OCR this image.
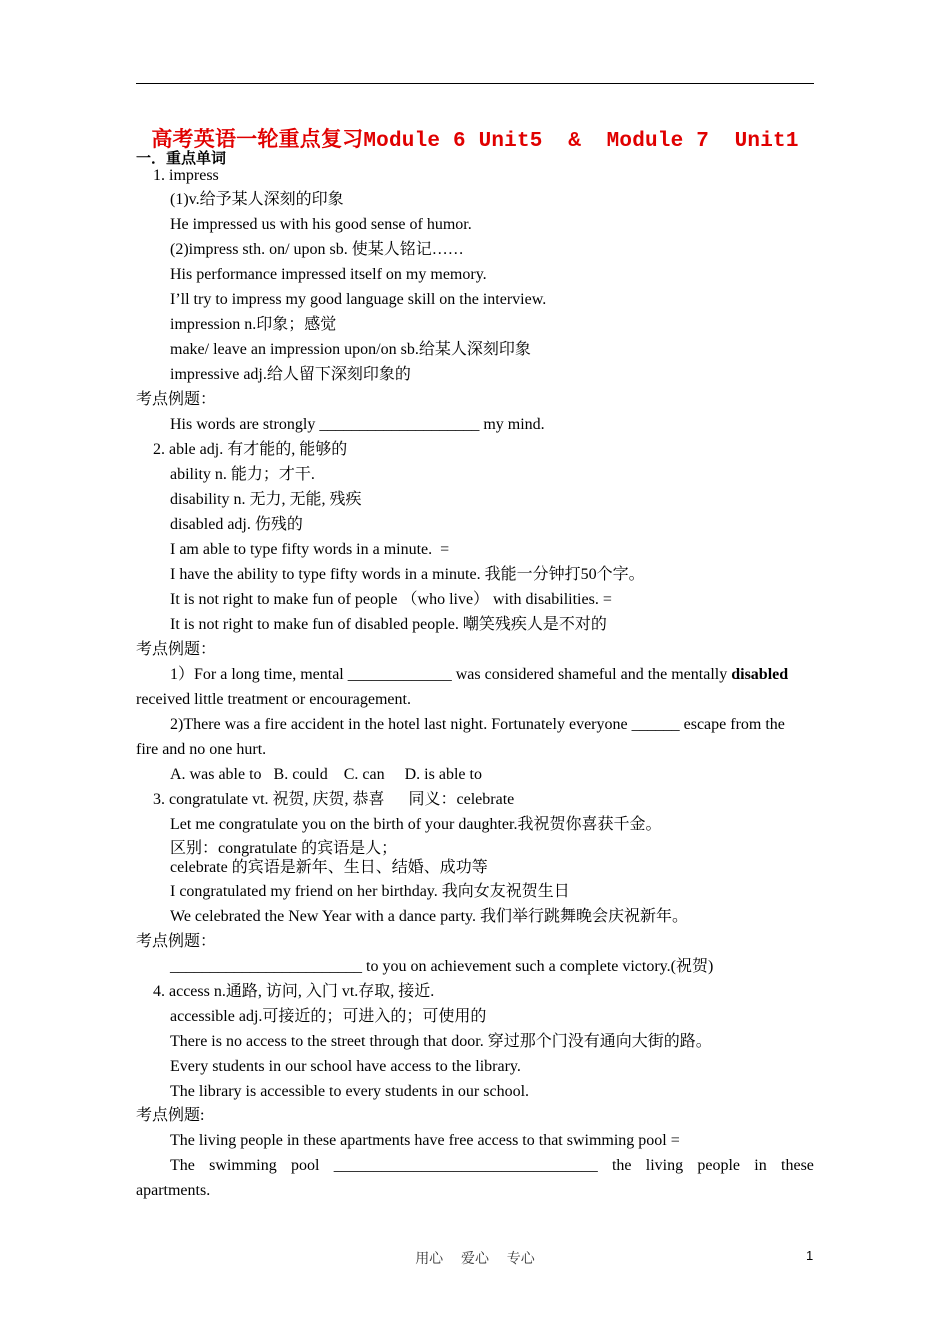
高考英语一轮重点复习Module 6 Unit5  &  Module 7  Unit1
一．重点单词
1. impress
(1)v.给予某人深刻的印象
He impressed us with his good sense of humor.
(2)impress sth. on/ upon sb. 使某人铭记……
His performance impressed itself on my memory.
I’ll try to impress my good language skill on the interview.
impression n.印象；感觉
make/ leave an impression upon/on sb.给某人深刻印象
impressive adj.给人留下深刻印象的
考点例题：
His words are strongly ____________________ my mind.
2. able adj. 有才能的, 能够的
ability n. 能力；才干.
disability n. 无力, 无能, 残疾
disabled adj. 伤残的
I am able to type fifty words in a minute.  =
I have the ability to type fifty words in a minute. 我能一分钟打50个字。
It is not right to make fun of people （who live） with disabilities. =
It is not right to make fun of disabled people. 嘲笑残疾人是不对的
考点例题：
1）For a long time, mental _____________ was considered shameful and the mentally disabled
received little treatment or encouragement.
2)There was a fire accident in the hotel last night. Fortunately everyone ______ escape from the
fire and no one hurt.
A. was able to   B. could    C. can     D. is able to
3. congratulate vt. 祝贺, 庆贺, 恭喜      同义：celebrate
Let me congratulate you on the birth of your daughter.我祝贺你喜获千金。
区别：congratulate 的宾语是人；
celebrate 的宾语是新年、生日、结婚、成功等
I congratulated my friend on her birthday. 我向女友祝贺生日
We celebrated the New Year with a dance party. 我们举行跳舞晚会庆祝新年。
考点例题：
________________________ to you on achievement such a complete victory.(祝贺)
4. access n.通路, 访问, 入门 vt.存取, 接近.
accessible adj.可接近的；可进入的；可使用的
There is no access to the street through that door. 穿过那个门没有通向大街的路。
Every students in our school have access to the library.
The library is accessible to every students in our school.
考点例题:
The living people in these apartments have free access to that swimming pool =
The swimming pool _________________________________ the living people in these
apartments.
用心    爱心    专心	1
